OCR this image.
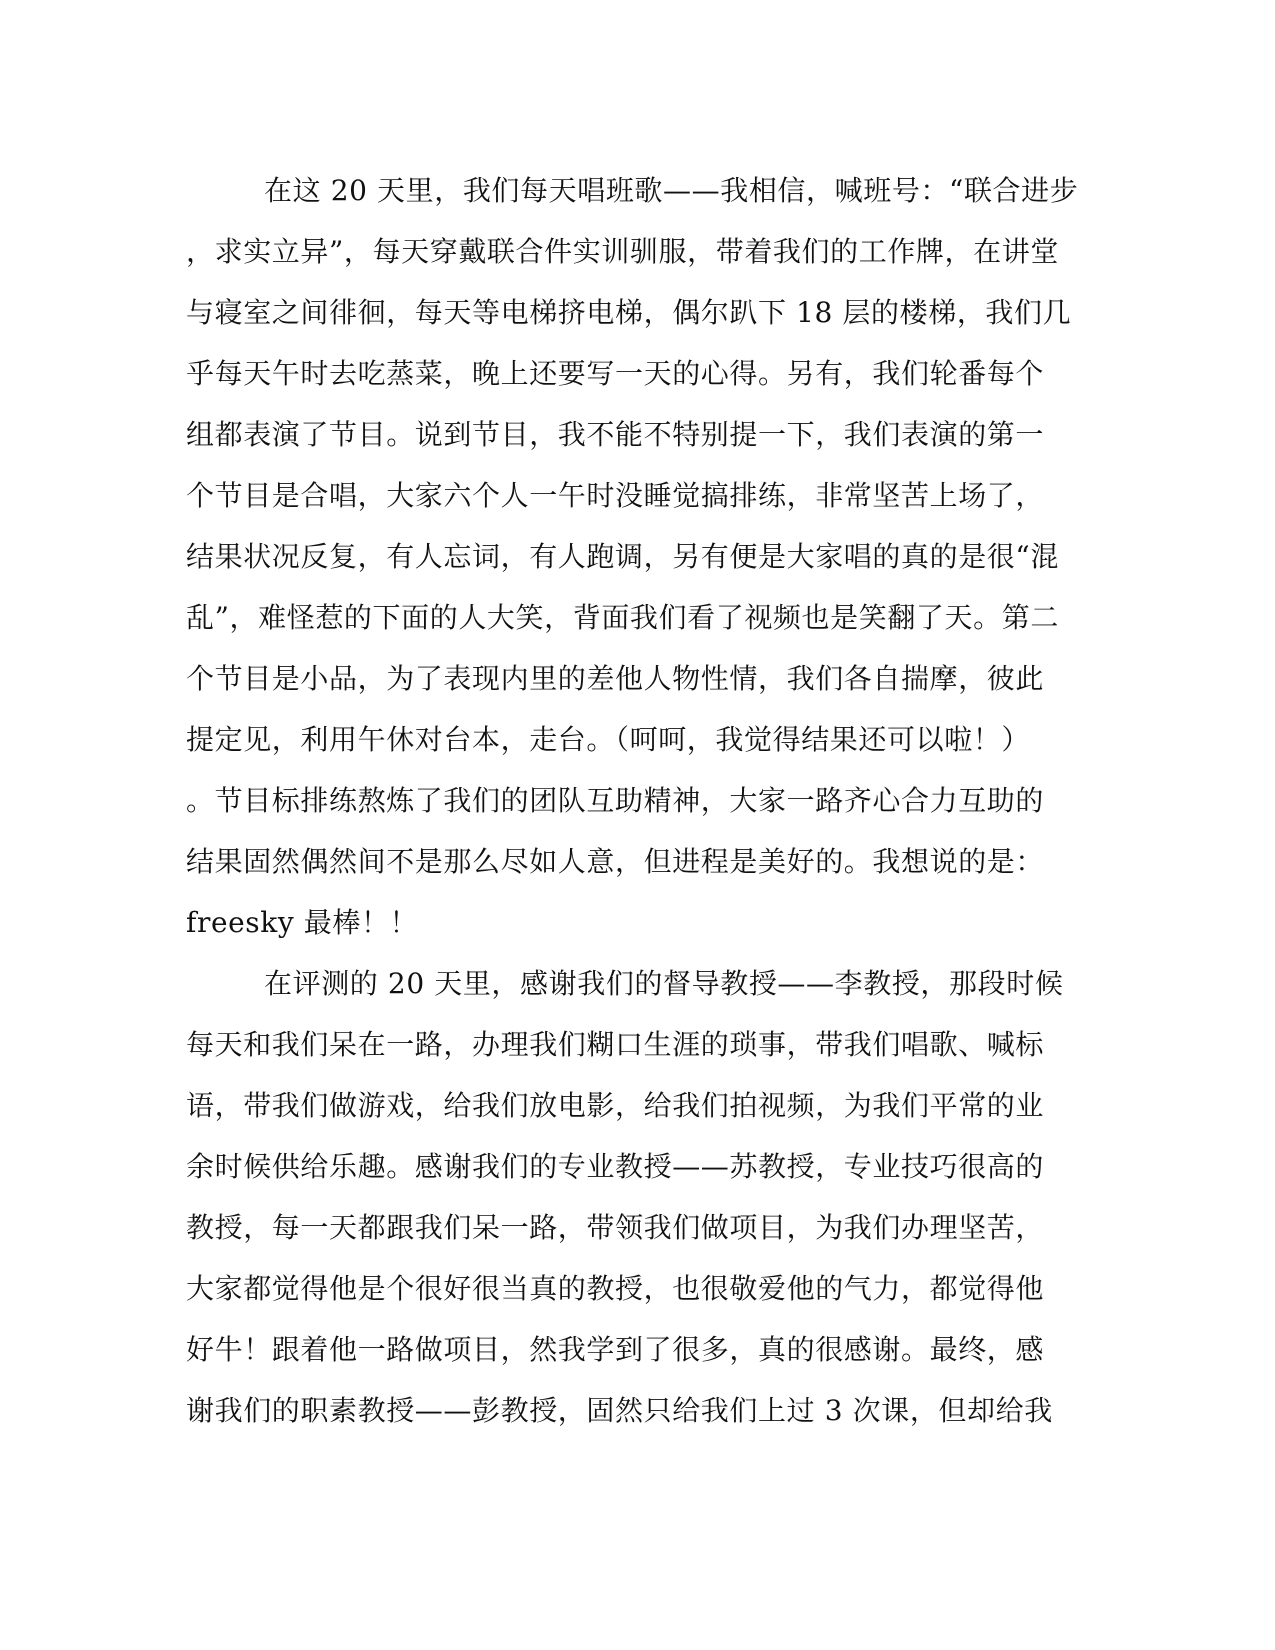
在这 20 天里，我们每天唱班歌——我相信，喊班号：“联合进步
，求实立异”，每天穿戴联合件实训驯服，带着我们的工作牌，在讲堂
与寝室之间徘徊，每天等电梯挤电梯，偶尔趴下 18 层的楼梯，我们几
乎每天午时去吃蒸菜，晚上还要写一天的心得。另有，我们轮番每个
组都表演了节目。说到节目，我不能不特别提一下，我们表演的第一
个节目是合唱，大家六个人一午时没睡觉搞排练，非常坚苦上场了，
结果状况反复，有人忘词，有人跑调，另有便是大家唱的真的是很“混
乱”，难怪惹的下面的人大笑，背面我们看了视频也是笑翻了天。第二
个节目是小品，为了表现内里的差他人物性情，我们各自揣摩，彼此
提定见，利用午休对台本，走台。（呵呵，我觉得结果还可以啦！）
。节目标排练熬炼了我们的团队互助精神，大家一路齐心合力互助的
结果固然偶然间不是那么尽如人意，但进程是美好的。我想说的是：
freesky 最棒！！
在评测的 20 天里，感谢我们的督导教授——李教授，那段时候
每天和我们呆在一路，办理我们糊口生涯的琐事，带我们唱歌、喊标
语，带我们做游戏，给我们放电影，给我们拍视频，为我们平常的业
余时候供给乐趣。感谢我们的专业教授——苏教授，专业技巧很高的
教授，每一天都跟我们呆一路，带领我们做项目，为我们办理坚苦，
大家都觉得他是个很好很当真的教授，也很敬爱他的气力，都觉得他
好牛！跟着他一路做项目，然我学到了很多，真的很感谢。最终，感
谢我们的职素教授——彭教授，固然只给我们上过 3 次课，但却给我
